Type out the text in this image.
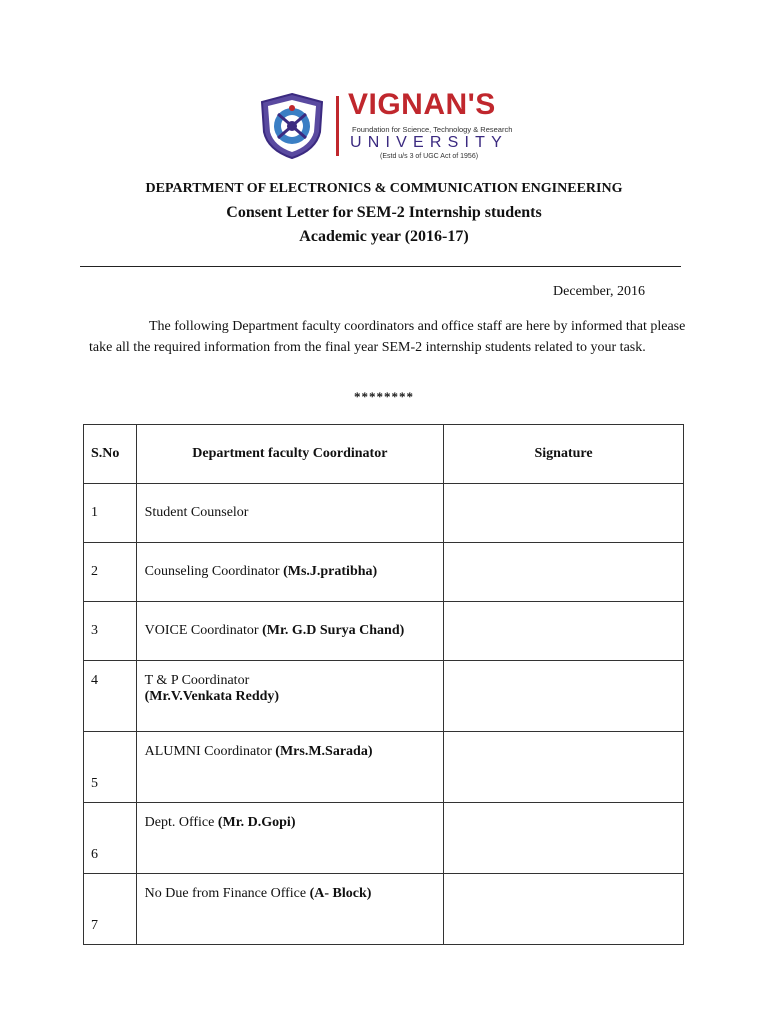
VIGNAN'S
Foundation for Science, Technology & Research
UNIVERSITY
(Estd u/s 3 of UGC Act of 1956)
DEPARTMENT OF ELECTRONICS & COMMUNICATION ENGINEERING
Consent Letter for SEM-2 Internship students
Academic year (2016-17)
December, 2016

The following Department faculty coordinators and office staff are here by informed that please take all the required information from the final year SEM-2 internship students related to your task.

********
S.No	Department faculty Coordinator	Signature
1	Student Counselor	
2	Counseling Coordinator (Ms.J.pratibha)	
3	VOICE Coordinator (Mr. G.D Surya Chand)	
4	T & P Coordinator
(Mr.V.Venkata Reddy)	

5	ALUMNI Coordinator (Mrs.M.Sarada)	
6	Dept. Office (Mr. D.Gopi)	
7	No Due from Finance Office (A- Block)	
